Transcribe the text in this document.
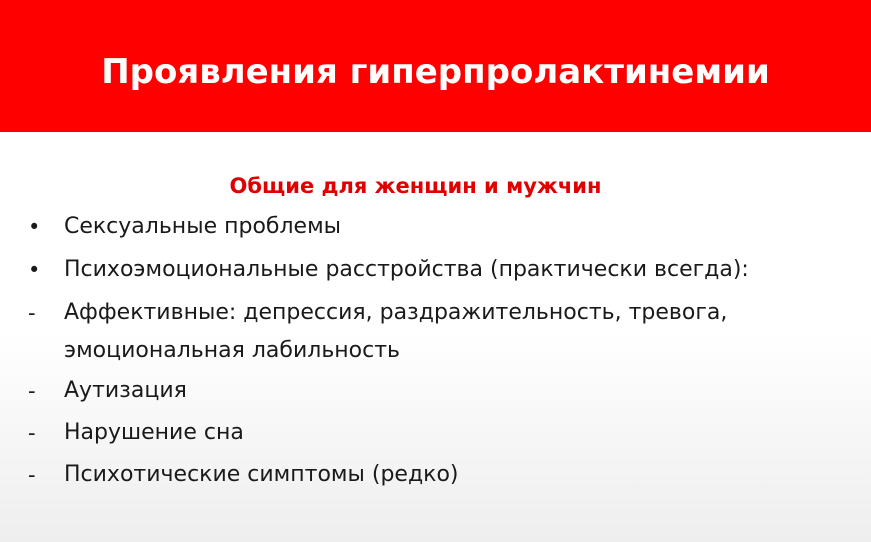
Проявления гиперпролактинемии
Общие для женщин и мужчин
•	Сексуальные проблемы
•	Психоэмоциональные расстройства (практически всегда):
-	Аффективные: депрессия, раздражительность, тревога,
эмоциональная лабильность
-	Аутизация
-	Нарушение сна
-	Психотические симптомы (редко)
